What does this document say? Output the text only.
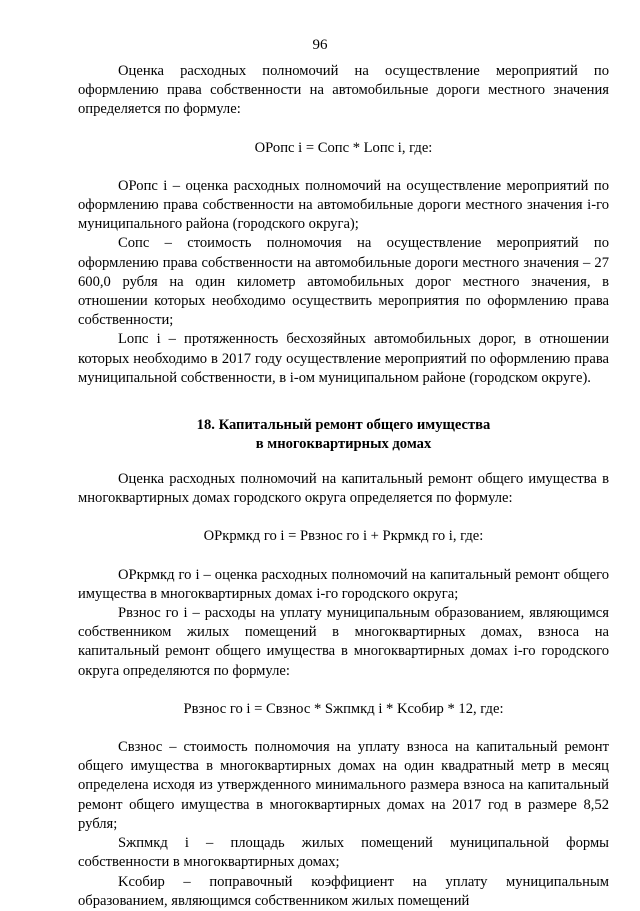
96

Оценка расходных полномочий на осуществление мероприятий по оформлению права собственности на автомобильные дороги местного значения определяется по формуле:

ОРопс i = Сопс * Lопс i, где:

ОРопс i – оценка расходных полномочий на осуществление мероприятий по оформлению права собственности на автомобильные дороги местного значения i-го муниципального района (городского округа);

Сопс – стоимость полномочия на осуществление мероприятий по оформлению права собственности на автомобильные дороги местного значения – 27 600,0 рубля на один километр автомобильных дорог местного значения, в отношении которых необходимо осуществить мероприятия по оформлению права собственности;

Lопс i – протяженность бесхозяйных автомобильных дорог, в отношении которых необходимо в 2017 году осуществление мероприятий по оформлению права муниципальной собственности, в i-ом муниципальном районе (городском округе).

18. Капитальный ремонт общего имущества
в многоквартирных домах

Оценка расходных полномочий на капитальный ремонт общего имущества в многоквартирных домах городского округа определяется по формуле:

ОРкрмкд го i = Рвзнос го i + Ркрмкд го i, где:

ОРкрмкд го i – оценка расходных полномочий на капитальный ремонт общего имущества в многоквартирных домах i-го городского округа;

Рвзнос го i – расходы на уплату муниципальным образованием, являющимся собственником жилых помещений в многоквартирных домах, взноса на капитальный ремонт общего имущества в многоквартирных домах i-го городского округа определяются по формуле:

Рвзнос го i = Свзнос * Sжпмкд i * Kсобир * 12, где:

Свзнос – стоимость полномочия на уплату взноса на капитальный ремонт общего имущества в многоквартирных домах на один квадратный метр в месяц определена исходя из утвержденного минимального размера взноса на капитальный ремонт общего имущества в многоквартирных домах на 2017 год в размере 8,52 рубля;

Sжпмкд i – площадь жилых помещений муниципальной формы собственности в многоквартирных домах;

Kсобир – поправочный коэффициент на уплату муниципальным образованием, являющимся собственником жилых помещений
